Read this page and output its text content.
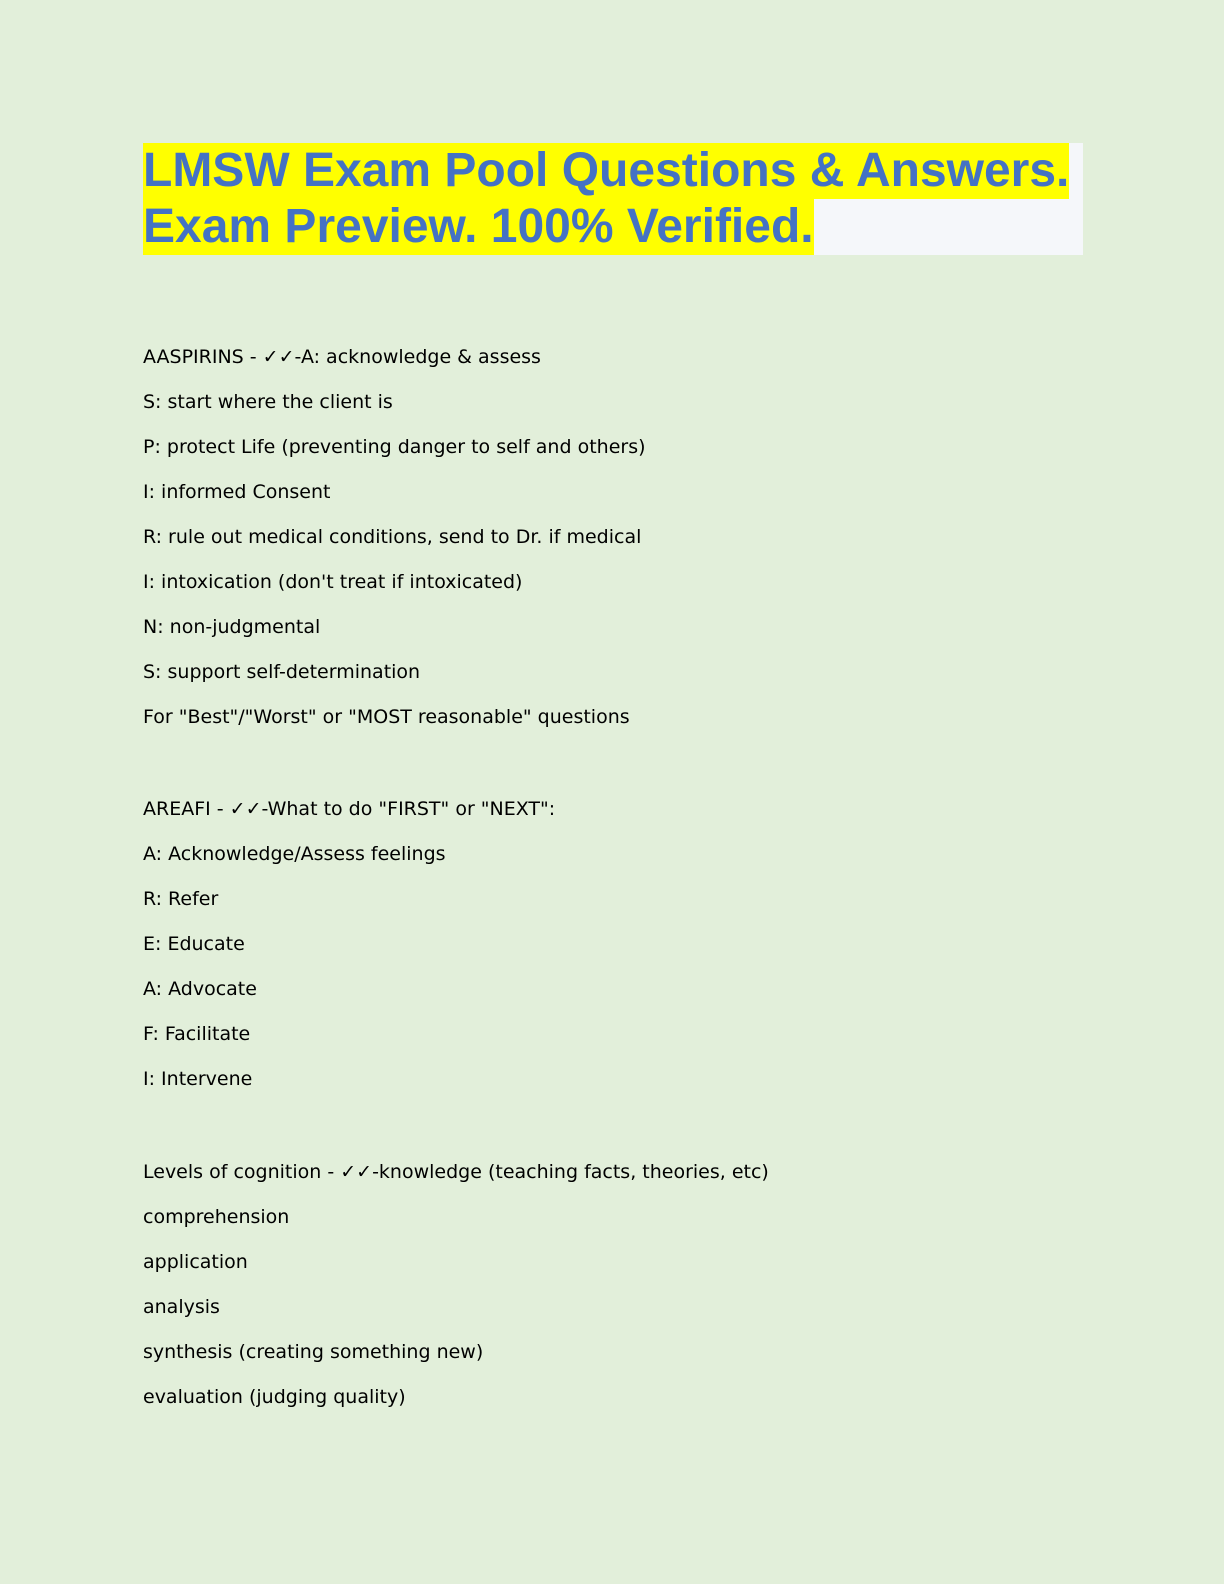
LMSW Exam Pool Questions & Answers.
Exam Preview. 100% Verified.
AASPIRINS - ✓✓-A: acknowledge & assess
S: start where the client is
P: protect Life (preventing danger to self and others)
I: informed Consent
R: rule out medical conditions, send to Dr. if medical
I: intoxication (don't treat if intoxicated)
N: non-judgmental
S: support self-determination
For "Best"/"Worst" or "MOST reasonable" questions
AREAFI - ✓✓-What to do "FIRST" or "NEXT":
A: Acknowledge/Assess feelings
R: Refer
E: Educate
A: Advocate
F: Facilitate
I: Intervene
Levels of cognition - ✓✓-knowledge (teaching facts, theories, etc)
comprehension
application
analysis
synthesis (creating something new)
evaluation (judging quality)
